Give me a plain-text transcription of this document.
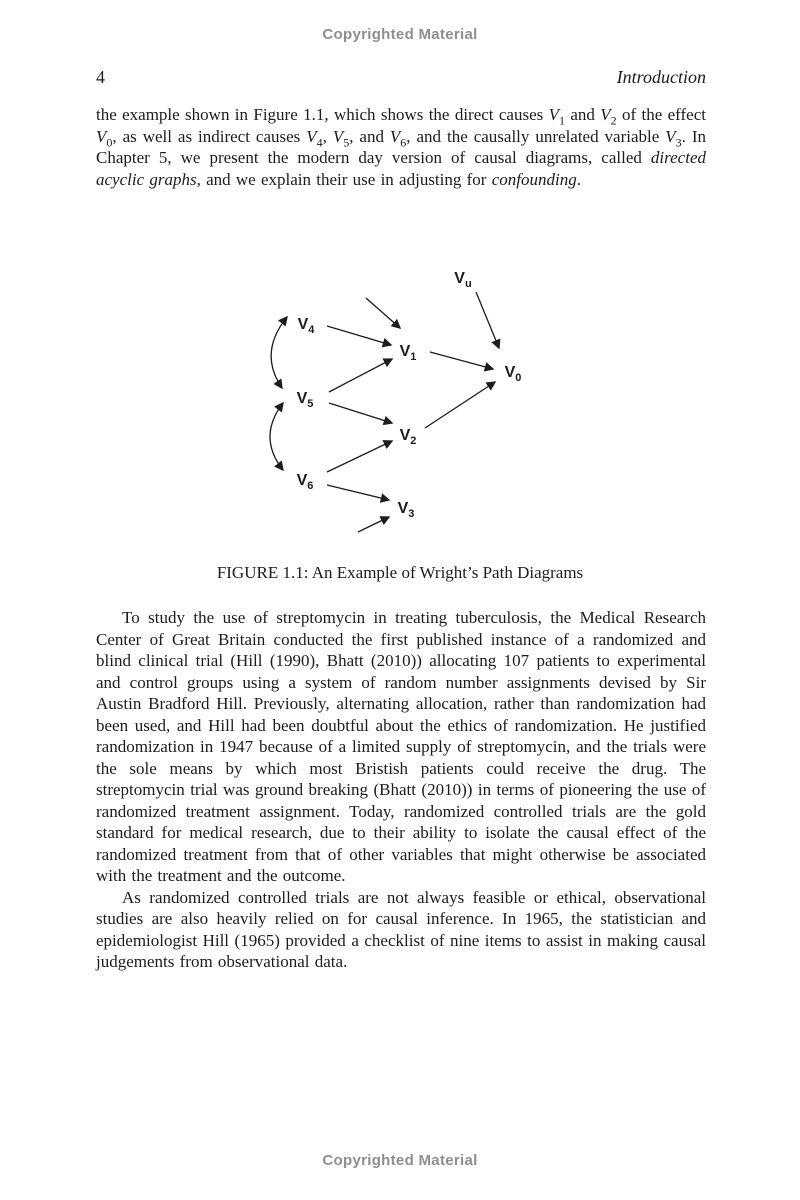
Copyrighted Material
4	Introduction

the example shown in Figure 1.1, which shows the direct causes $V_1$ and $V_2$ of the effect $V_0$, as well as indirect causes $V_4$, $V_5$, and $V_6$, and the causally unrelated variable $V_3$. In Chapter 5, we present the modern day version of causal diagrams, called directed acyclic graphs, and we explain their use in adjusting for confounding.

$V_u$
$V_4$
$V_1$
$V_0$
$V_5$
$V_2$
$V_6$
$V_3$
FIGURE 1.1: An Example of Wright’s Path Diagrams

To study the use of streptomycin in treating tuberculosis, the Medical Research Center of Great Britain conducted the first published instance of a randomized and blind clinical trial (Hill (1990), Bhatt (2010)) allocating 107 patients to experimental and control groups using a system of random number assignments devised by Sir Austin Bradford Hill. Previously, alternating allocation, rather than randomization had been used, and Hill had been doubtful about the ethics of randomization. He justified randomization in 1947 because of a limited supply of streptomycin, and the trials were the sole means by which most Bristish patients could receive the drug. The streptomycin trial was ground breaking (Bhatt (2010)) in terms of pioneering the use of randomized treatment assignment. Today, randomized controlled trials are the gold standard for medical research, due to their ability to isolate the causal effect of the randomized treatment from that of other variables that might otherwise be associated with the treatment and the outcome.

As randomized controlled trials are not always feasible or ethical, observational studies are also heavily relied on for causal inference. In 1965, the statistician and epidemiologist Hill (1965) provided a checklist of nine items to assist in making causal judgements from observational data.

Copyrighted Material
